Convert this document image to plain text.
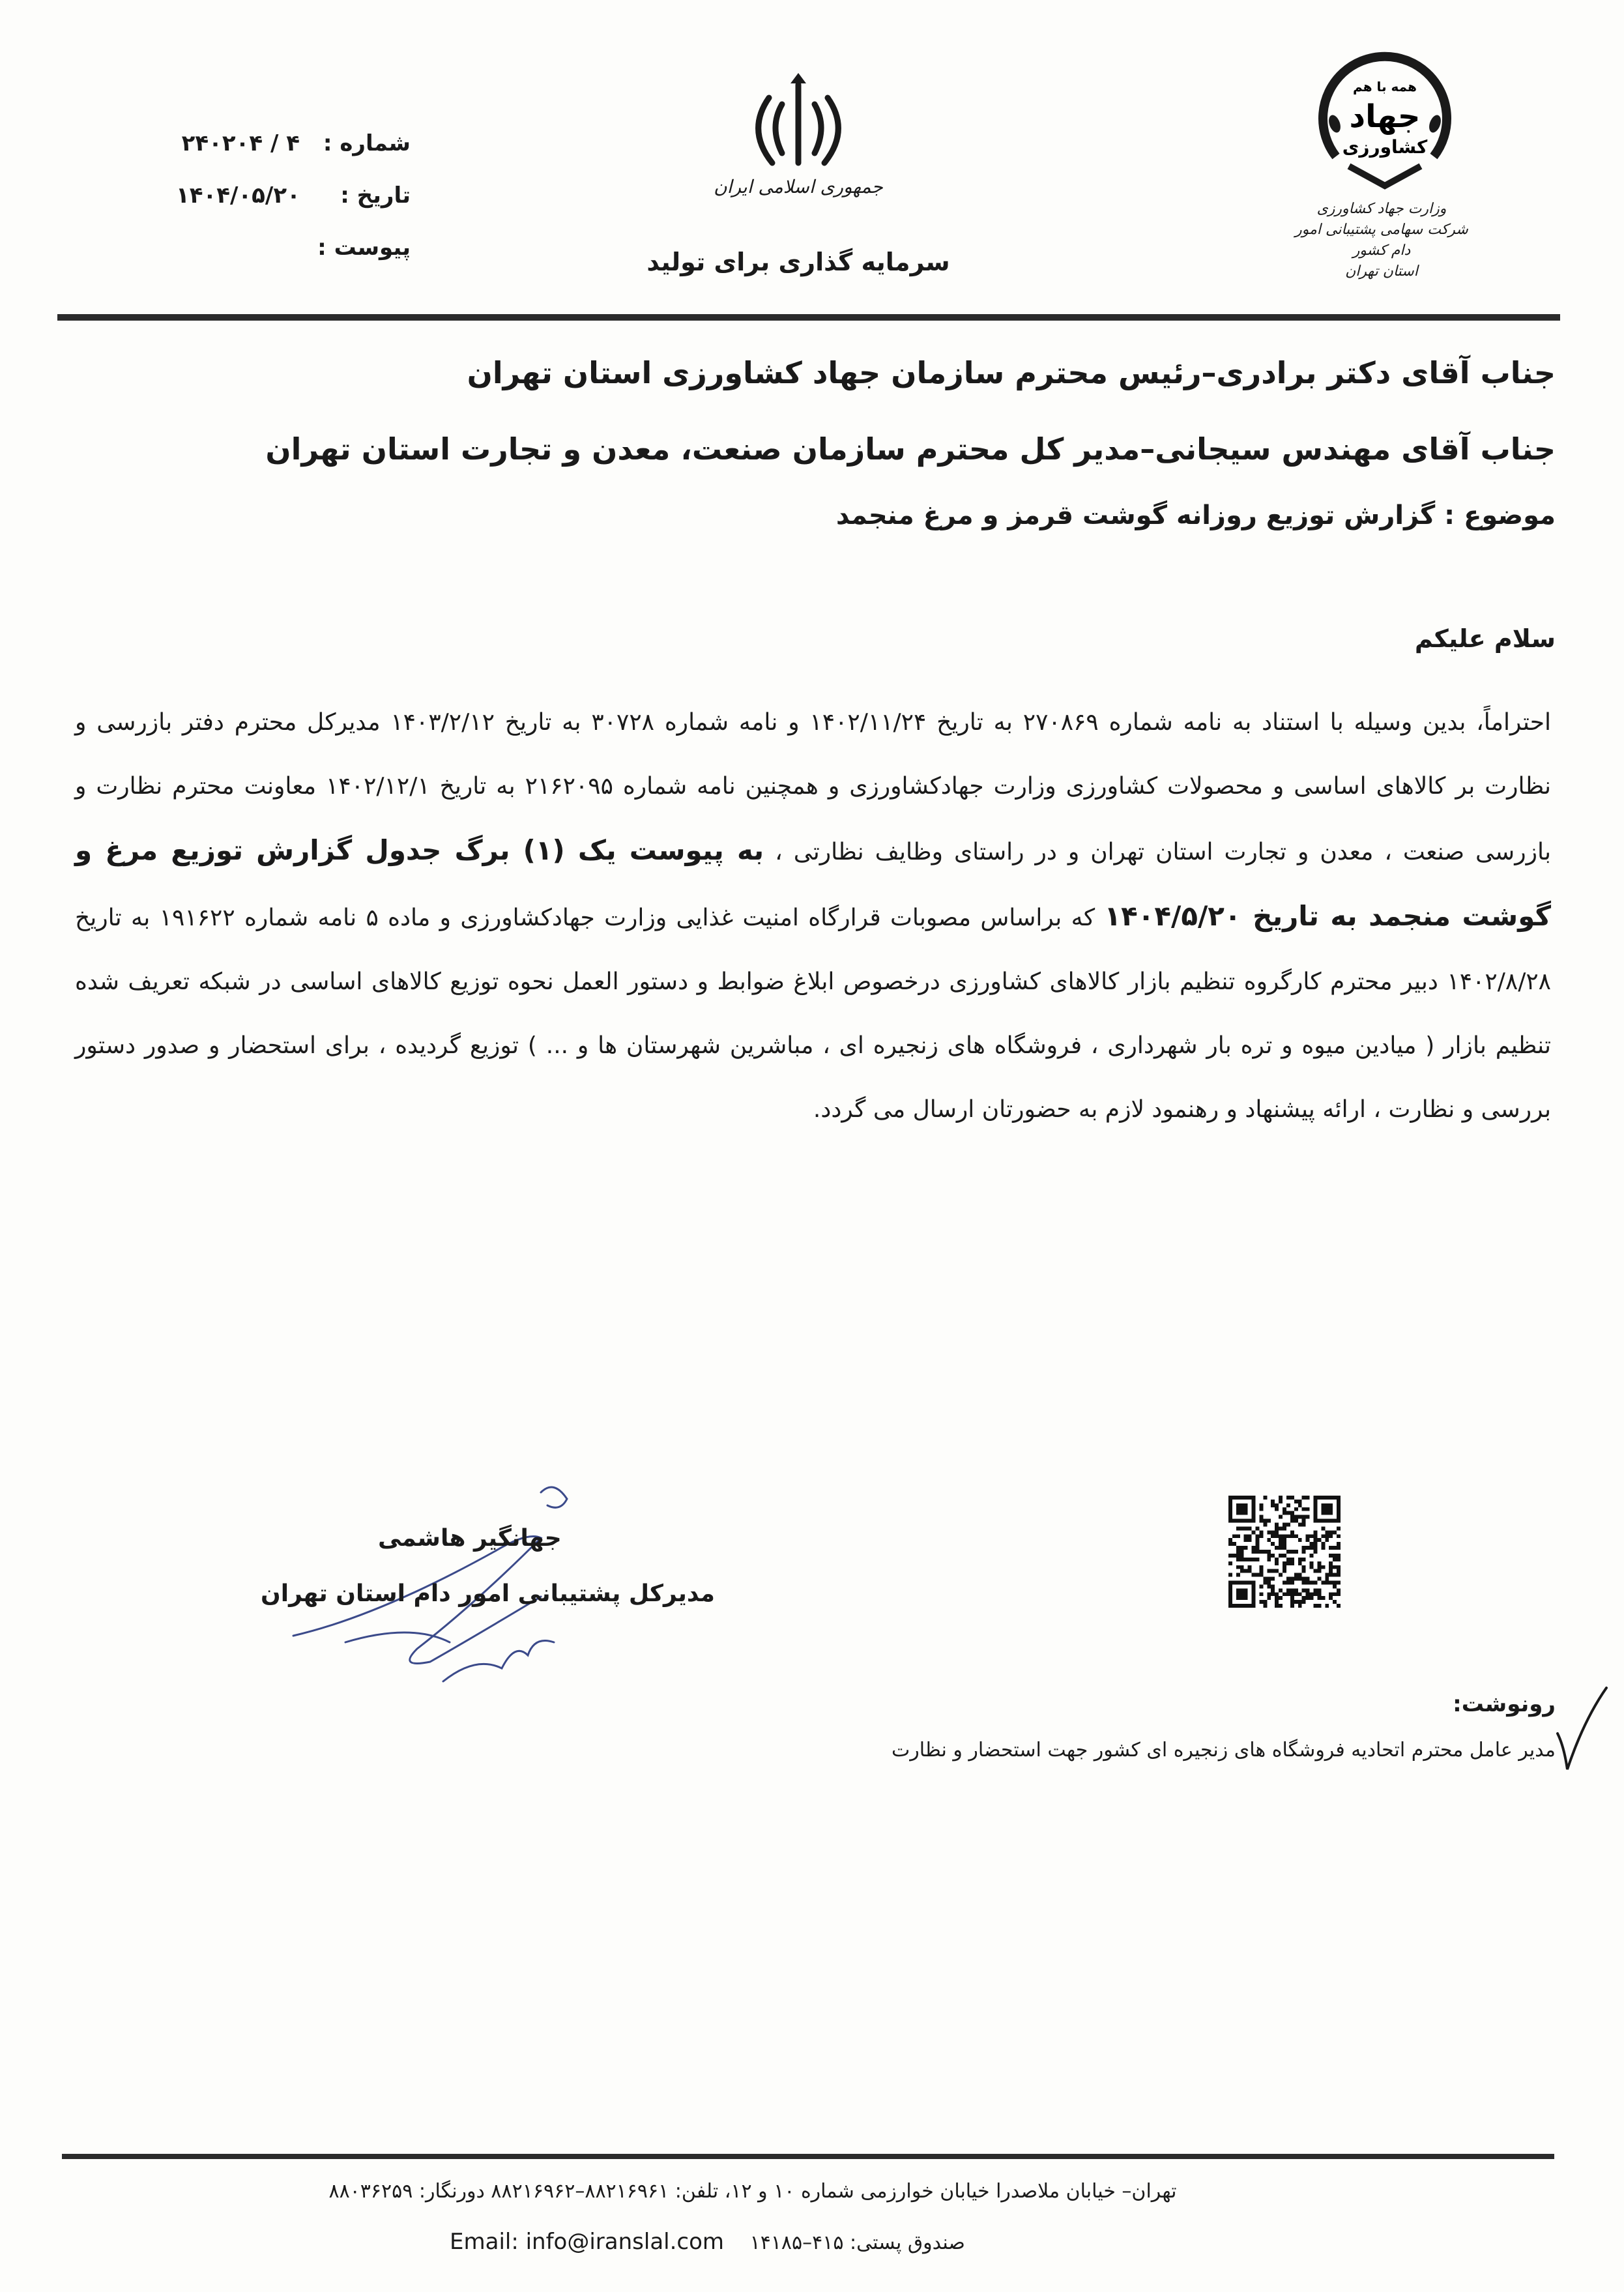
شماره :
۴ / ۲۴۰۲۰۴
تاریخ :
۱۴۰۴/۰۵/۲۰
پیوست :
جمهوری اسلامی ایران
سرمایه گذاری برای تولید
همه با هم
جهاد
کشاورزی
وزارت جهاد کشاورزی
شرکت سهامی پشتیبانی امور دام کشور
استان تهران
جناب آقای دکتر برادری–رئیس محترم سازمان جهاد کشاورزی استان تهران
جناب آقای مهندس سیجانی–مدیر کل محترم سازمان صنعت، معدن و تجارت استان تهران
موضوع : گزارش توزیع روزانه گوشت قرمز و مرغ منجمد
سلام علیکم
احتراماً، بدین وسیله با استناد به نامه شماره ۲۷۰۸۶۹ به تاریخ ۱۴۰۲/۱۱/۲۴ و نامه شماره ۳۰۷۲۸ به تاریخ ۱۴۰۳/۲/۱۲ مدیرکل محترم دفتر بازرسی و نظارت بر کالاهای اساسی و محصولات کشاورزی وزارت جهادکشاورزی و همچنین نامه شماره ۲۱۶۲۰۹۵ به تاریخ ۱۴۰۲/۱۲/۱ معاونت محترم نظارت و بازرسی صنعت ، معدن و تجارت استان تهران و در راستای وظایف نظارتی ، به پیوست یک (۱) برگ جدول گزارش توزیع مرغ و گوشت منجمد به تاریخ ۱۴۰۴/۵/۲۰ که براساس مصوبات قرارگاه امنیت غذایی وزارت جهادکشاورزی و ماده ۵ نامه شماره ۱۹۱۶۲۲ به تاریخ ۱۴۰۲/۸/۲۸ دبیر محترم کارگروه تنظیم بازار کالاهای کشاورزی درخصوص ابلاغ ضوابط و دستور العمل نحوه توزیع کالاهای اساسی در شبکه تعریف شده تنظیم بازار ( میادین میوه و تره بار شهرداری ، فروشگاه های زنجیره ای ، مباشرین شهرستان ها و ... ) توزیع گردیده ، برای استحضار و صدور دستور بررسی و نظارت ، ارائه پیشنهاد و رهنمود لازم به حضورتان ارسال می گردد.
جهانگیر هاشمی
مدیرکل پشتیبانی امور دام استان تهران
رونوشت:
مدیر عامل محترم اتحادیه فروشگاه های زنجیره ای کشور جهت استحضار و نظارت
تهران– خیابان ملاصدرا خیابان خوارزمی شماره ۱۰ و ۱۲، تلفن: ۸۸۲۱۶۹۶۱–۸۸۲۱۶۹۶۲ دورنگار: ۸۸۰۳۶۲۵۹
Email: info@iranslal.com صندوق پستی: ۴۱۵–۱۴۱۸۵
